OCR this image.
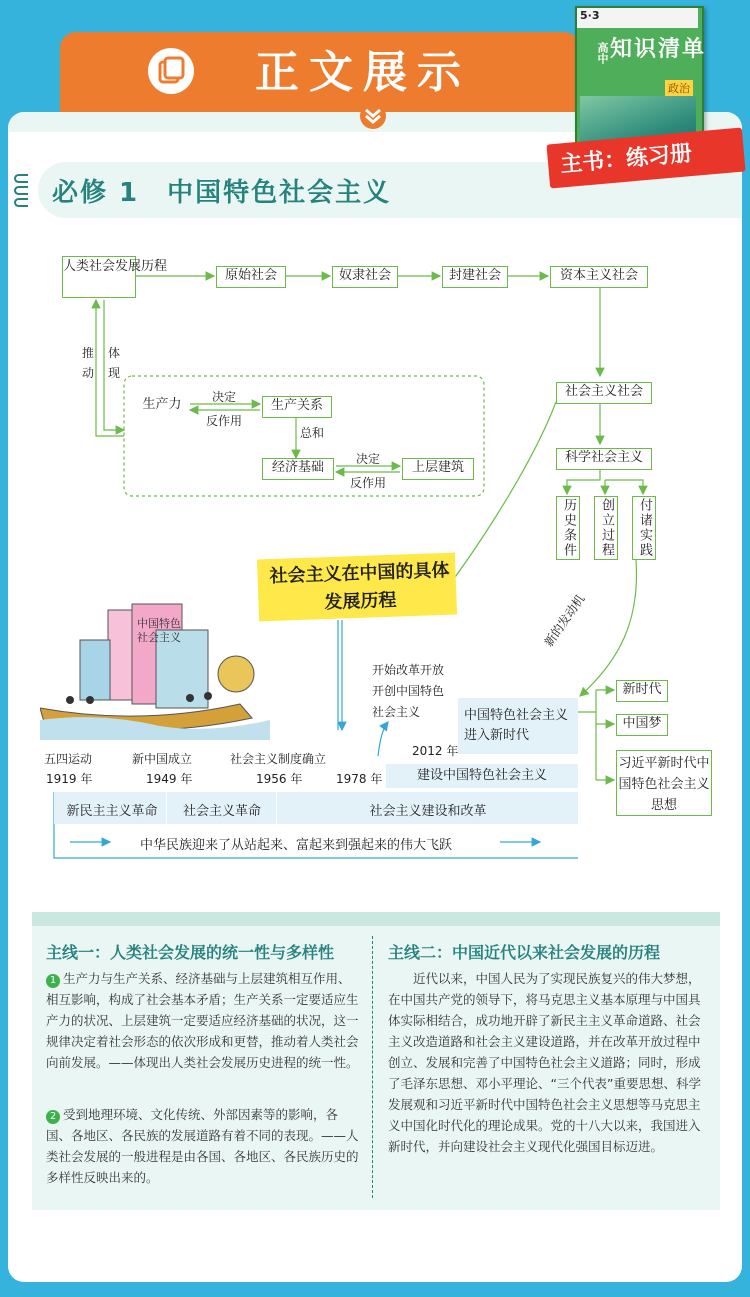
正文展示
必修 1　中国特色社会主义
5·3
高中 知识清单
政治
主书：练习册
人类社会发展历程
原始社会	奴隶社会	封建社会	资本主义社会
推
动
体
现
生产力	生产关系
决定
反作用
总和
经济基础	上层建筑
决定
反作用
社会主义社会
科学社会主义
历史条件	创立过程	付诸实践
社会主义在中国的具体发展历程
中国特色社会主义	新的发动机
开始改革开放开创中国特色社会主义	中国特色社会主义进入新时代
2012 年
新时代
中国梦
习近平新时代中国特色社会主义思想
五四运动
1919 年
新中国成立
1949 年
社会主义制度确立
1956 年	1978 年	建设中国特色社会主义
新民主主义革命	社会主义革命	社会主义建设和改革
中华民族迎来了从站起来、富起来到强起来的伟大飞跃
主线一：人类社会发展的统一性与多样性
1 生产力与生产关系、经济基础与上层建筑相互作用、相互影响，构成了社会基本矛盾；生产关系一定要适应生产力的状况、上层建筑一定要适应经济基础的状况，这一规律决定着社会形态的依次形成和更替，推动着人类社会向前发展。——体现出人类社会发展历史进程的统一性。
2 受到地理环境、文化传统、外部因素等的影响，各国、各地区、各民族的发展道路有着不同的表现。——人类社会发展的一般进程是由各国、各地区、各民族历史的多样性反映出来的。
主线二：中国近代以来社会发展的历程
近代以来，中国人民为了实现民族复兴的伟大梦想，在中国共产党的领导下，将马克思主义基本原理与中国具体实际相结合，成功地开辟了新民主主义革命道路、社会主义改造道路和社会主义建设道路，并在改革开放过程中创立、发展和完善了中国特色社会主义道路；同时，形成了毛泽东思想、邓小平理论、“三个代表”重要思想、科学发展观和习近平新时代中国特色社会主义思想等马克思主义中国化时代化的理论成果。党的十八大以来，我国进入新时代，并向建设社会主义现代化强国目标迈进。
